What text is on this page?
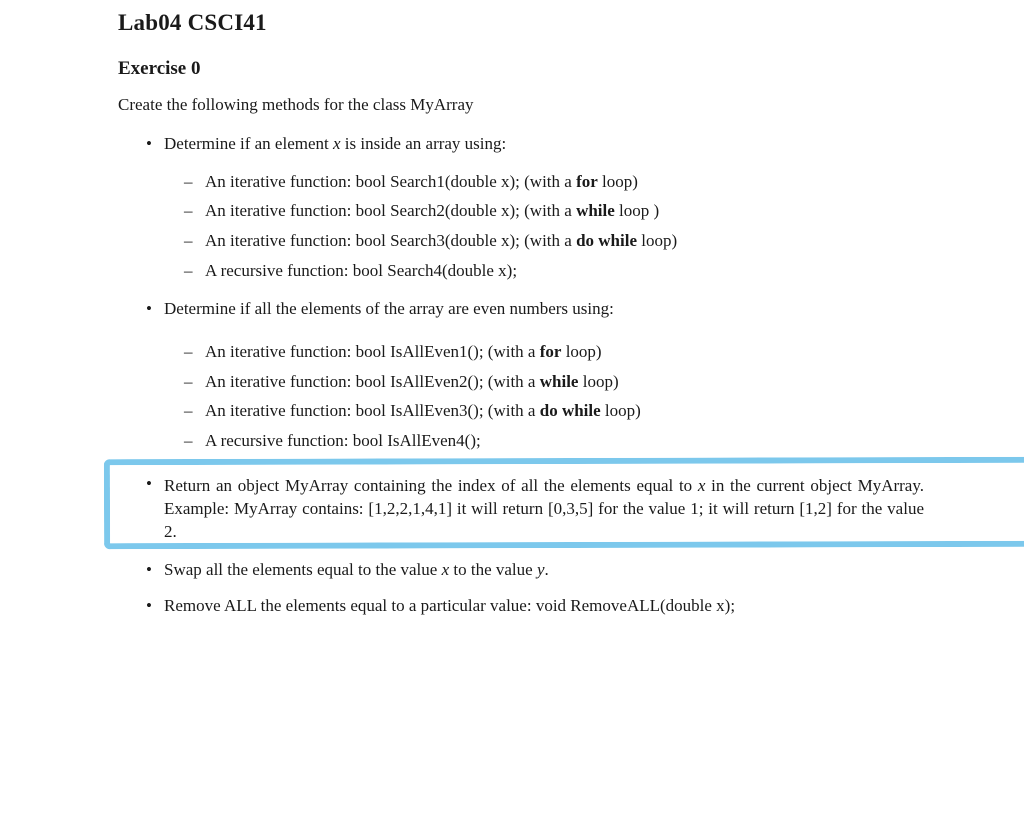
Lab04 CSCI41
Exercise 0
Create the following methods for the class MyArray
• Determine if an element x is inside an array using:
– An iterative function: bool Search1(double x); (with a for loop)
– An iterative function: bool Search2(double x); (with a while loop )
– An iterative function: bool Search3(double x); (with a do while loop)
– A recursive function: bool Search4(double x);
• Determine if all the elements of the array are even numbers using:
– An iterative function: bool IsAllEven1(); (with a for loop)
– An iterative function: bool IsAllEven2(); (with a while loop)
– An iterative function: bool IsAllEven3(); (with a do while loop)
– A recursive function: bool IsAllEven4();
• Return an object MyArray containing the index of all the elements equal to x in the current object MyArray. Example: MyArray contains: [1,2,2,1,4,1] it will return [0,3,5] for the value 1; it will return [1,2] for the value 2.
• Swap all the elements equal to the value x to the value y.
• Remove ALL the elements equal to a particular value: void RemoveALL(double x);
